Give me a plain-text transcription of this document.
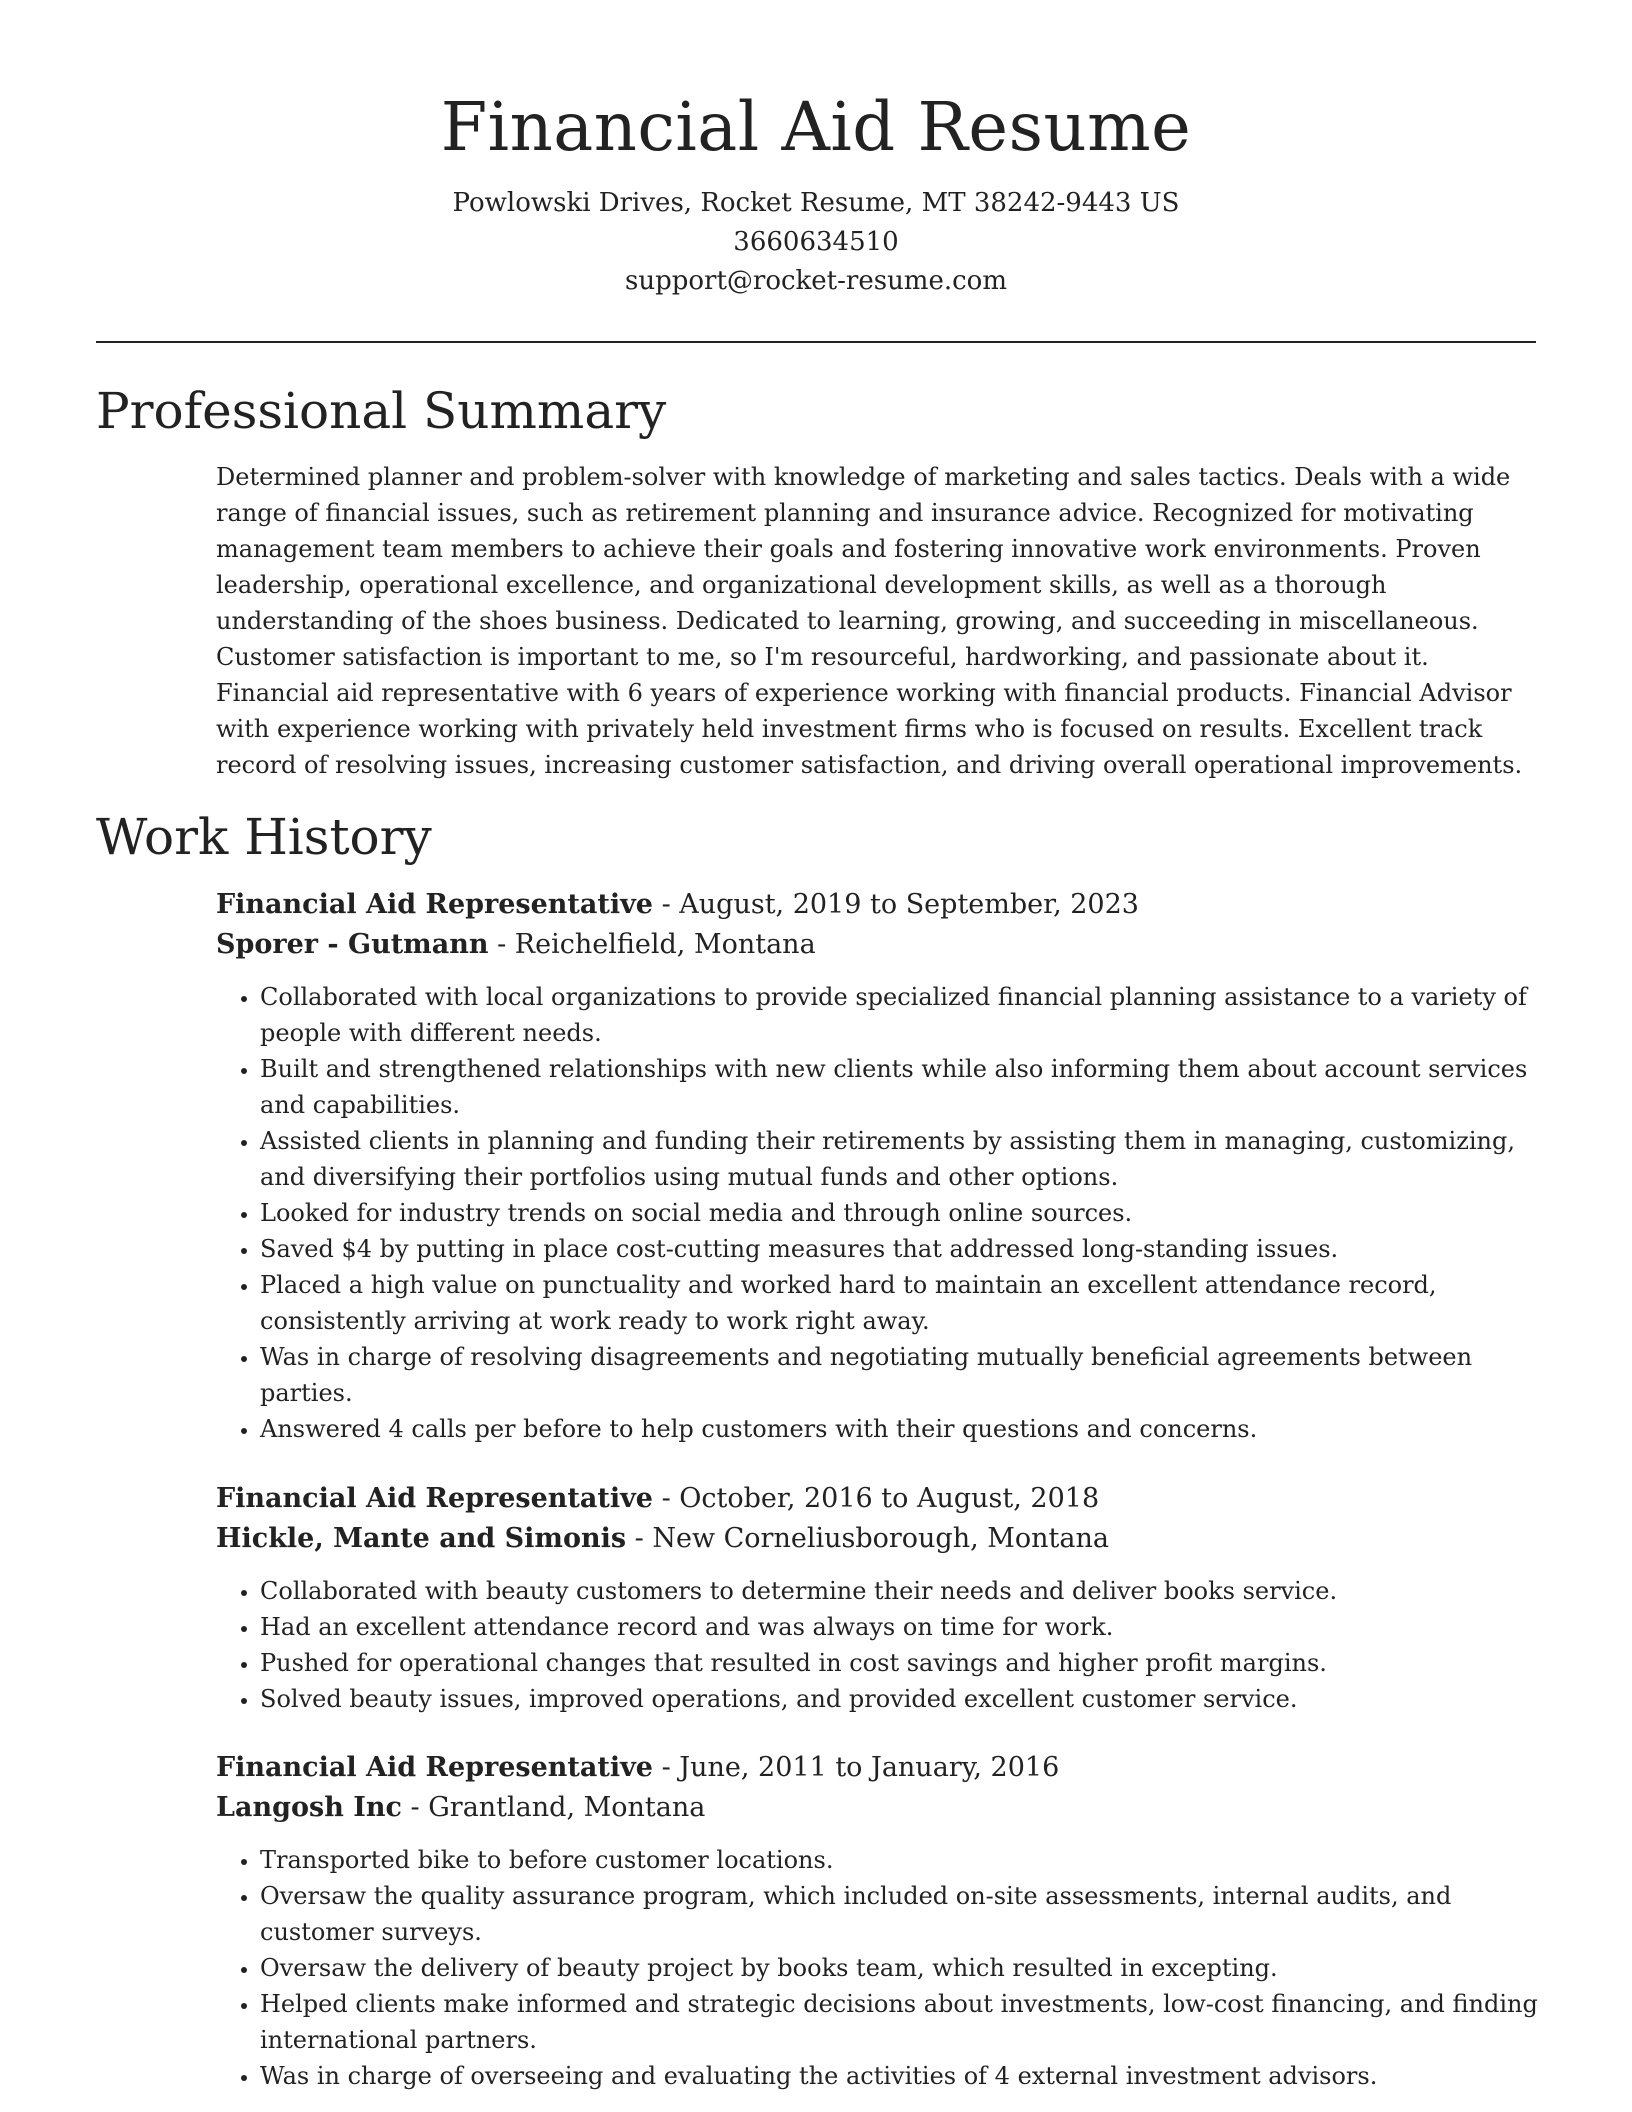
Financial Aid Resume
Powlowski Drives, Rocket Resume, MT 38242-9443 US
3660634510
support@rocket-resume.com
Professional Summary

Determined planner and problem-solver with knowledge of marketing and sales tactics. Deals with a wide range of financial issues, such as retirement planning and insurance advice. Recognized for motivating management team members to achieve their goals and fostering innovative work environments. Proven leadership, operational excellence, and organizational development skills, as well as a thorough understanding of the shoes business. Dedicated to learning, growing, and succeeding in miscellaneous. Customer satisfaction is important to me, so I'm resourceful, hardworking, and passionate about it. Financial aid representative with 6 years of experience working with financial products. Financial Advisor with experience working with privately held investment firms who is focused on results. Excellent track record of resolving issues, increasing customer satisfaction, and driving overall operational improvements.

Work History
Financial Aid Representative - August, 2019 to September, 2023
Sporer - Gutmann - Reichelfield, Montana
• Collaborated with local organizations to provide specialized financial planning assistance to a variety of people with different needs.
• Built and strengthened relationships with new clients while also informing them about account services and capabilities.
• Assisted clients in planning and funding their retirements by assisting them in managing, customizing, and diversifying their portfolios using mutual funds and other options.
• Looked for industry trends on social media and through online sources.
• Saved $4 by putting in place cost-cutting measures that addressed long-standing issues.
• Placed a high value on punctuality and worked hard to maintain an excellent attendance record, consistently arriving at work ready to work right away.
• Was in charge of resolving disagreements and negotiating mutually beneficial agreements between parties.
• Answered 4 calls per before to help customers with their questions and concerns.
Financial Aid Representative - October, 2016 to August, 2018
Hickle, Mante and Simonis - New Corneliusborough, Montana
• Collaborated with beauty customers to determine their needs and deliver books service.
• Had an excellent attendance record and was always on time for work.
• Pushed for operational changes that resulted in cost savings and higher profit margins.
• Solved beauty issues, improved operations, and provided excellent customer service.
Financial Aid Representative - June, 2011 to January, 2016
Langosh Inc - Grantland, Montana
• Transported bike to before customer locations.
• Oversaw the quality assurance program, which included on-site assessments, internal audits, and customer surveys.
• Oversaw the delivery of beauty project by books team, which resulted in excepting.
• Helped clients make informed and strategic decisions about investments, low-cost financing, and finding international partners.
• Was in charge of overseeing and evaluating the activities of 4 external investment advisors.
